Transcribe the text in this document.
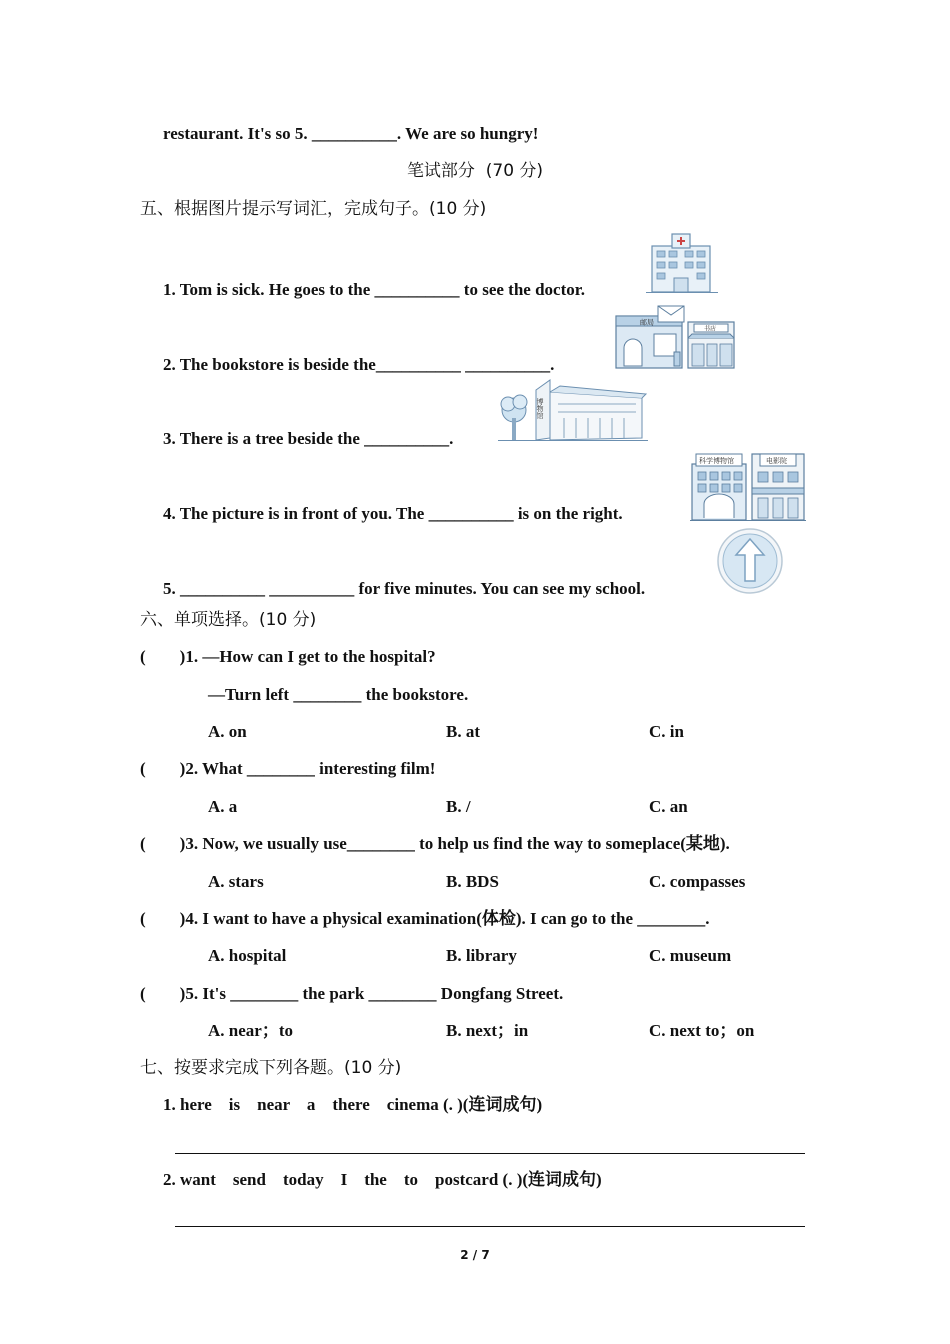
restaurant. It's so 5. __________. We are so hungry!
笔试部分  (70 分)
五、根据图片提示写词汇，完成句子。(10 分)
1. Tom is sick. He goes to the __________ to see the doctor.
2. The bookstore is beside the__________ __________.
3. There is a tree beside the __________.
4. The picture is in front of you. The __________ is on the right.
5. __________ __________ for five minutes. You can see my school.
邮局
书店
博物馆
科学博物馆	电影院
六、单项选择。(10 分)
(        )1. —How can I get to the hospital?
—Turn left ________ the bookstore.
A. on	B. at	C. in
(        )2. What ________ interesting film!
A. a	B. /	C. an
(        )3. Now, we usually use________ to help us find the way to someplace(某地).
A. stars	B. BDS	C. compasses
(        )4. I want to have a physical examination(体检). I can go to the ________.
A. hospital	B. library	C. museum
(        )5. It's ________ the park ________ Dongfang Street.
A. near；to	B. next；in	C. next to；on
七、按要求完成下列各题。(10 分)
1. here    is    near    a    there    cinema (. )(连词成句)
2. want    send    today    I    the    to    postcard (. )(连词成句)
2 / 7
